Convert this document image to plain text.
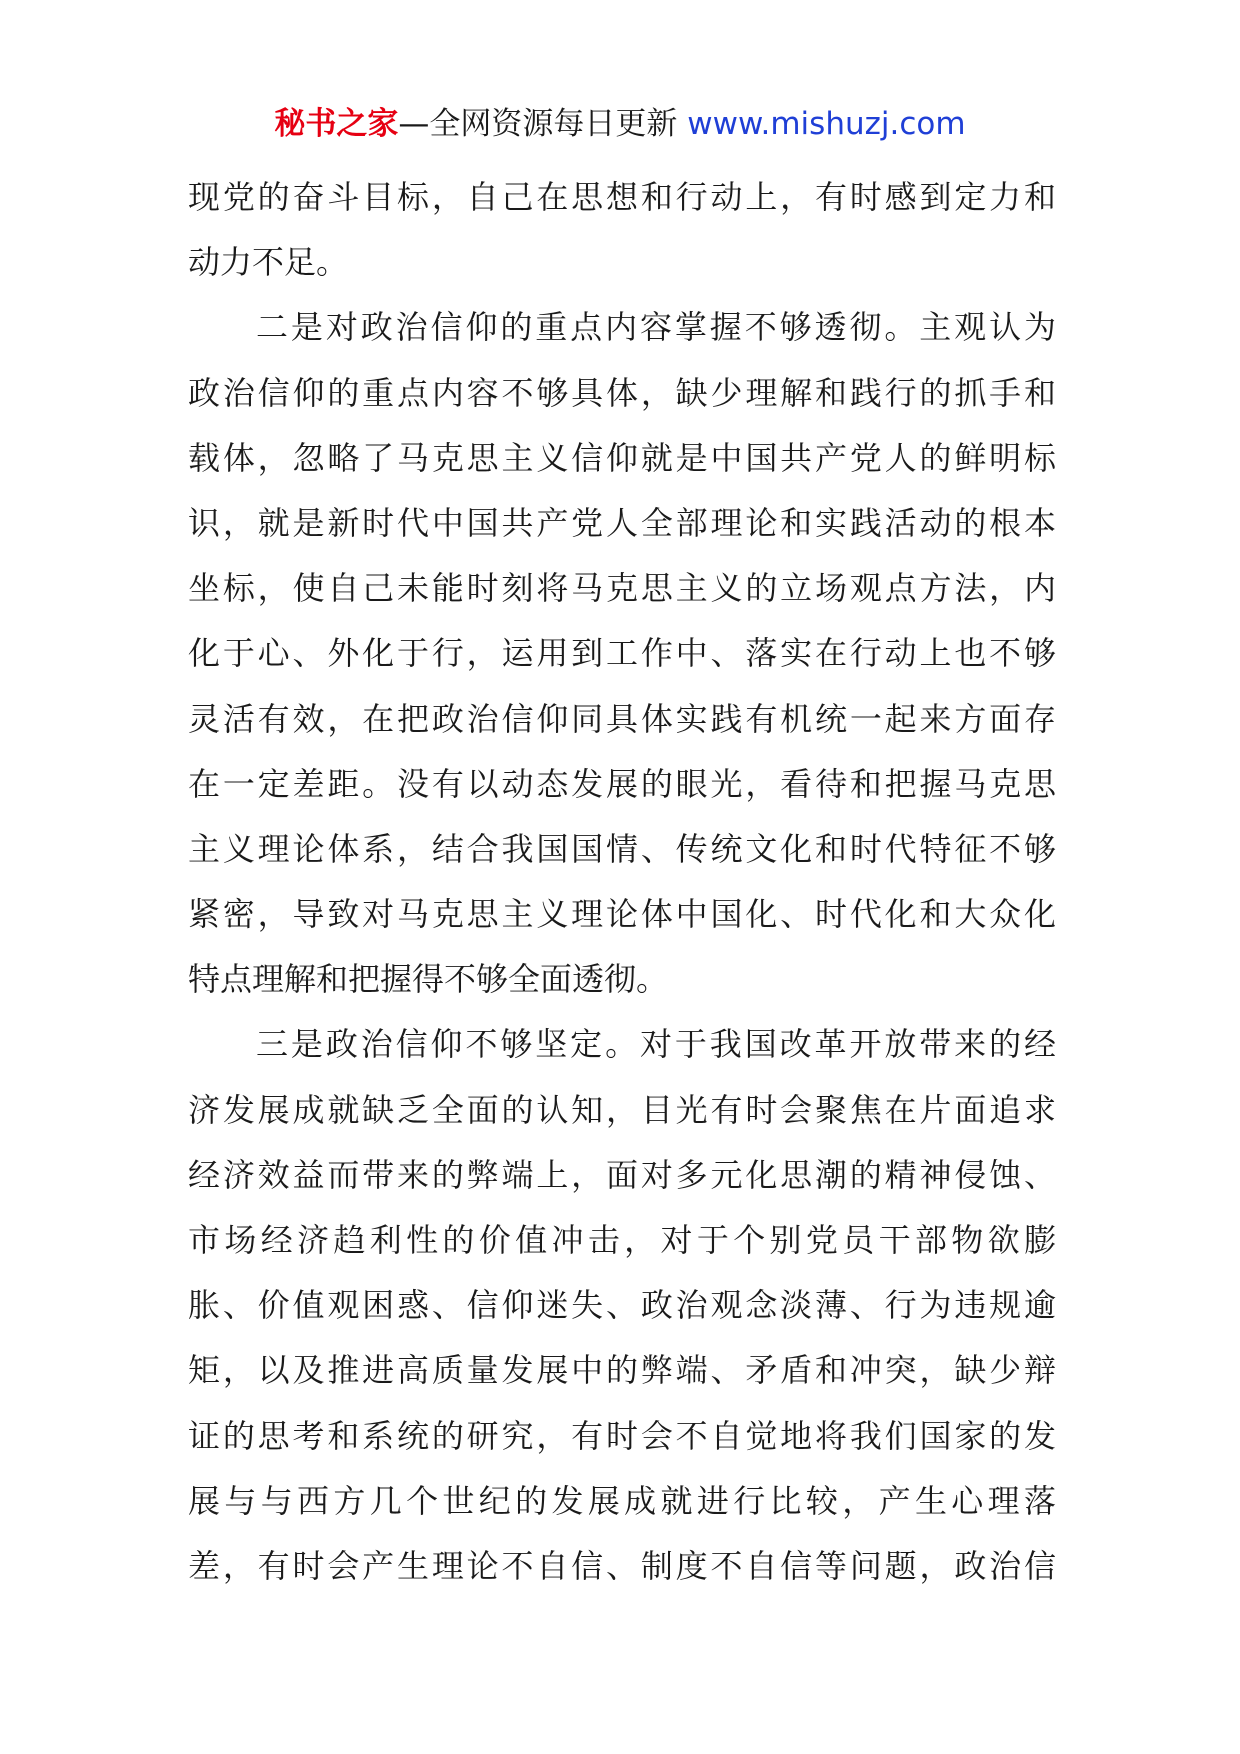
秘书之家—全网资源每日更新 www.mishuzj.com
现党的奋斗目标，自己在思想和行动上，有时感到定力和
动力不足。
二是对政治信仰的重点内容掌握不够透彻。主观认为
政治信仰的重点内容不够具体，缺少理解和践行的抓手和
载体，忽略了马克思主义信仰就是中国共产党人的鲜明标
识，就是新时代中国共产党人全部理论和实践活动的根本
坐标，使自己未能时刻将马克思主义的立场观点方法，内
化于心、外化于行，运用到工作中、落实在行动上也不够
灵活有效，在把政治信仰同具体实践有机统一起来方面存
在一定差距。没有以动态发展的眼光，看待和把握马克思
主义理论体系，结合我国国情、传统文化和时代特征不够
紧密，导致对马克思主义理论体中国化、时代化和大众化
特点理解和把握得不够全面透彻。
三是政治信仰不够坚定。对于我国改革开放带来的经
济发展成就缺乏全面的认知，目光有时会聚焦在片面追求
经济效益而带来的弊端上，面对多元化思潮的精神侵蚀、
市场经济趋利性的价值冲击，对于个别党员干部物欲膨
胀、价值观困惑、信仰迷失、政治观念淡薄、行为违规逾
矩，以及推进高质量发展中的弊端、矛盾和冲突，缺少辩
证的思考和系统的研究，有时会不自觉地将我们国家的发
展与与西方几个世纪的发展成就进行比较，产生心理落
差，有时会产生理论不自信、制度不自信等问题，政治信
